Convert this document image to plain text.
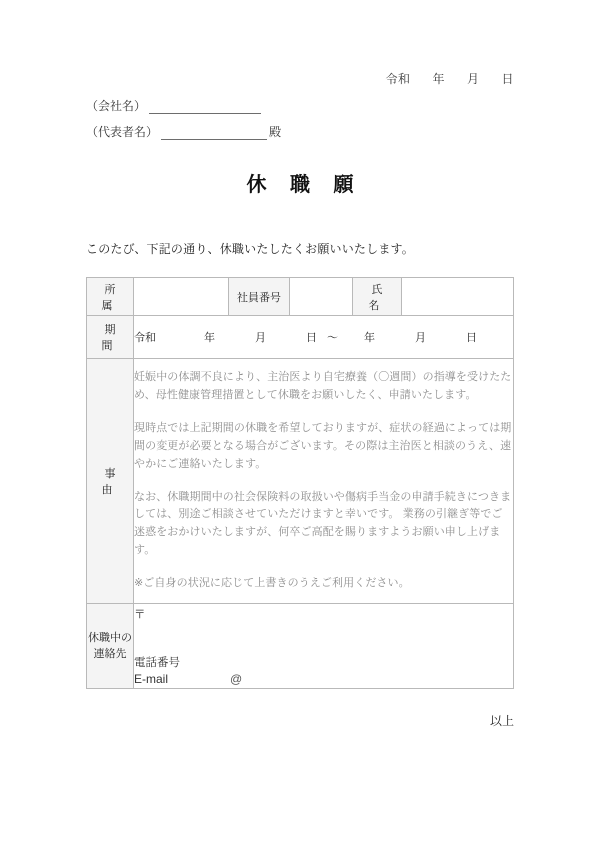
令和 年 月 日
（会社名）
（代表者名）	殿
休 職 願
このたび、下記の通り、休職いたしたくお願いいたします。
所 属		社員番号		氏 名	
期 間	令和 年 月 日 ～ 年 月 日				
事 由	妊娠中の体調不良により、主治医より自宅療養（〇週間）の指導を受けたため、母性健康管理措置として休職をお願いしたく、申請いたします。

現時点では上記期間の休職を希望しておりますが、症状の経過によっては期間の変更が必要となる場合がございます。その際は主治医と相談のうえ、速やかにご連絡いたします。

なお、休職期間中の社会保険料の取扱いや傷病手当金の申請手続きにつきましては、別途ご相談させていただけますと幸いです。 業務の引継ぎ等でご迷惑をおかけいたしますが、何卒ご高配を賜りますようお願い申し上げます。

※ご自身の状況に応じて上書きのうえご利用ください。				

休職中の連絡先	〒

電話番号

E-mail @				

以上
